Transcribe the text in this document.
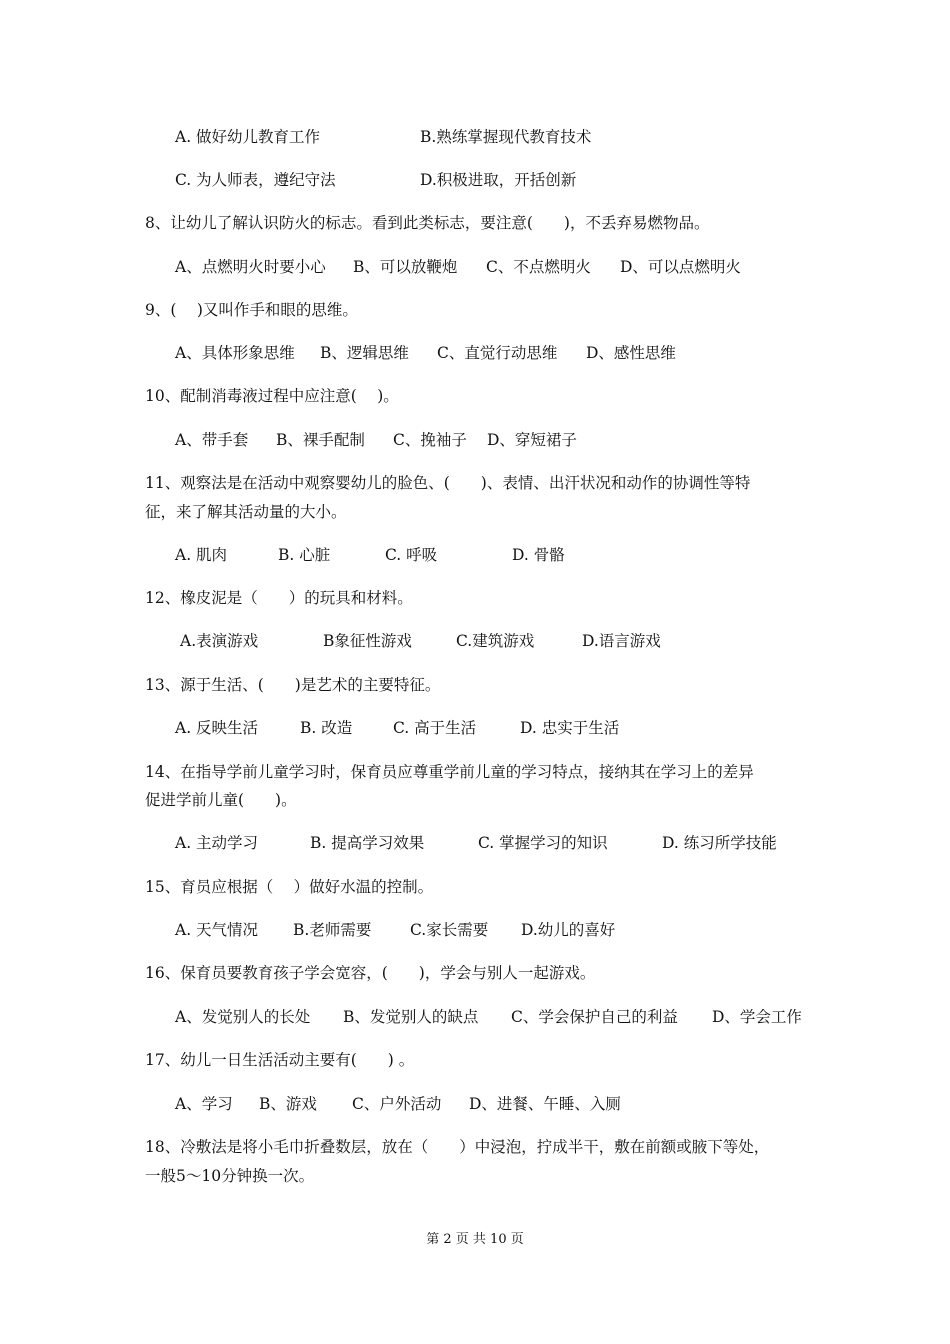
A. 做好幼儿教育工作	B.熟练掌握现代教育技术
C. 为人师表，遵纪守法	D.积极进取，开括创新
8、让幼儿了解认识防火的标志。看到此类标志，要注意(　　)，不丢弃易燃物品。
A、点燃明火时要小心 B、可以放鞭炮 C、不点燃明火 D、可以点燃明火
9、(　 )又叫作手和眼的思维。
A、具体形象思维 B、逻辑思维 C、直觉行动思维 D、感性思维
10、配制消毒液过程中应注意(　 )。
A、带手套 B、裸手配制 C、挽袖子 D、穿短裙子
11、观察法是在活动中观察婴幼儿的脸色、(　　)、表情、出汗状况和动作的协调性等特
征，来了解其活动量的大小。
A. 肌肉	B. 心脏	C. 呼吸	D. 骨骼
12、橡皮泥是（　　）的玩具和材料。
A.表演游戏	B象征性游戏	C.建筑游戏	D.语言游戏
13、源于生活、(　　)是艺术的主要特征。
A. 反映生活	B. 改造	C. 高于生活	D. 忠实于生活
14、在指导学前儿童学习时，保育员应尊重学前儿童的学习特点，接纳其在学习上的差异
促进学前儿童(　　)。
A. 主动学习	B. 提高学习效果	C. 掌握学习的知识	D. 练习所学技能
15、育员应根据（　 ）做好水温的控制。
A. 天气情况 B.老师需要 C.家长需要 D.幼儿的喜好
16、保育员要教育孩子学会宽容，(　　)，学会与别人一起游戏。
A、发觉别人的长处 B、发觉别人的缺点 C、学会保护自己的利益 D、学会工作
17、幼儿一日生活活动主要有(　　) 。
A、学习 B、游戏 C、户外活动 D、进餐、午睡、入厕
18、冷敷法是将小毛巾折叠数层，放在（　　）中浸泡，拧成半干，敷在前额或腋下等处，
一般5～10分钟换一次。
第 2 页 共 10 页
